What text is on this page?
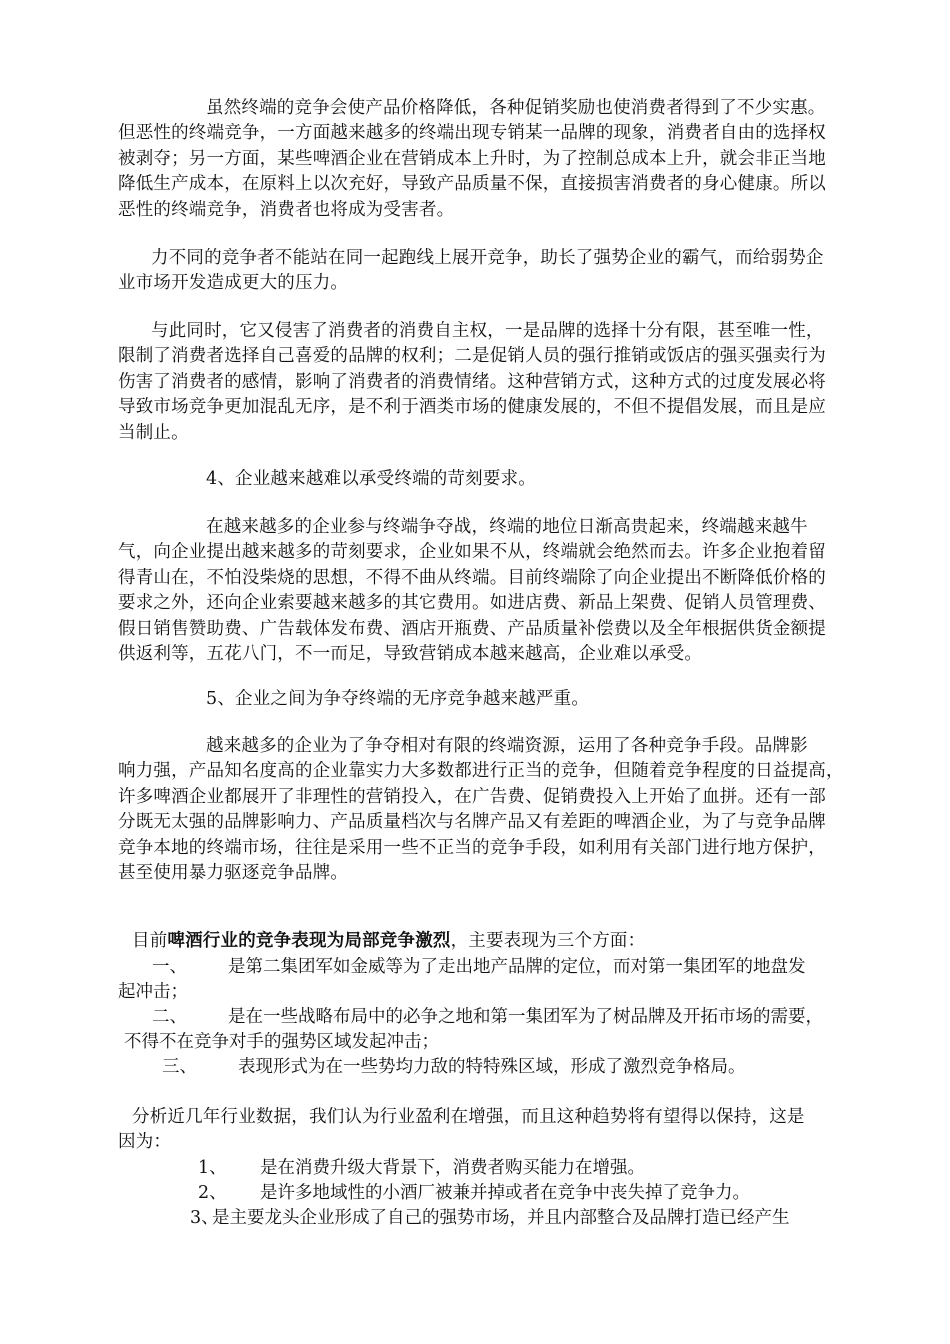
虽然终端的竞争会使产品价格降低，各种促销奖励也使消费者得到了不少实惠。
但恶性的终端竞争，一方面越来越多的终端出现专销某一品牌的现象，消费者自由的选择权
被剥夺；另一方面，某些啤酒企业在营销成本上升时，为了控制总成本上升，就会非正当地
降低生产成本，在原料上以次充好，导致产品质量不保，直接损害消费者的身心健康。所以
恶性的终端竞争，消费者也将成为受害者。
力不同的竞争者不能站在同一起跑线上展开竞争，助长了强势企业的霸气，而给弱势企
业市场开发造成更大的压力。
与此同时，它又侵害了消费者的消费自主权，一是品牌的选择十分有限，甚至唯一性，
限制了消费者选择自己喜爱的品牌的权利；二是促销人员的强行推销或饭店的强买强卖行为
伤害了消费者的感情，影响了消费者的消费情绪。这种营销方式，这种方式的过度发展必将
导致市场竞争更加混乱无序，是不利于酒类市场的健康发展的，不但不提倡发展，而且是应
当制止。
4、企业越来越难以承受终端的苛刻要求。
在越来越多的企业参与终端争夺战，终端的地位日渐高贵起来，终端越来越牛
气，向企业提出越来越多的苛刻要求，企业如果不从，终端就会绝然而去。许多企业抱着留
得青山在，不怕没柴烧的思想，不得不曲从终端。目前终端除了向企业提出不断降低价格的
要求之外，还向企业索要越来越多的其它费用。如进店费、新品上架费、促销人员管理费、
假日销售赞助费、广告载体发布费、酒店开瓶费、产品质量补偿费以及全年根据供货金额提
供返利等，五花八门，不一而足，导致营销成本越来越高，企业难以承受。
5、企业之间为争夺终端的无序竞争越来越严重。
越来越多的企业为了争夺相对有限的终端资源，运用了各种竞争手段。品牌影
响力强，产品知名度高的企业靠实力大多数都进行正当的竞争，但随着竞争程度的日益提高，
许多啤酒企业都展开了非理性的营销投入，在广告费、促销费投入上开始了血拼。还有一部
分既无太强的品牌影响力、产品质量档次与名牌产品又有差距的啤酒企业，为了与竞争品牌
竞争本地的终端市场，往往是采用一些不正当的竞争手段，如利用有关部门进行地方保护，
甚至使用暴力驱逐竞争品牌。
目前啤酒行业的竞争表现为局部竞争激烈，主要表现为三个方面：
一、 是第二集团军如金威等为了走出地产品牌的定位，而对第一集团军的地盘发
起冲击；
二、 是在一些战略布局中的必争之地和第一集团军为了树品牌及开拓市场的需要，
不得不在竞争对手的强势区域发起冲击；
三、 表现形式为在一些势均力敌的特特殊区域，形成了激烈竞争格局。
分析近几年行业数据，我们认为行业盈利在增强，而且这种趋势将有望得以保持，这是
因为：
1、 是在消费升级大背景下，消费者购买能力在增强。
2、 是许多地域性的小酒厂被兼并掉或者在竞争中丧失掉了竞争力。
3、
是主要龙头企业形成了自己的强势市场，并且内部整合及品牌打造已经产生
